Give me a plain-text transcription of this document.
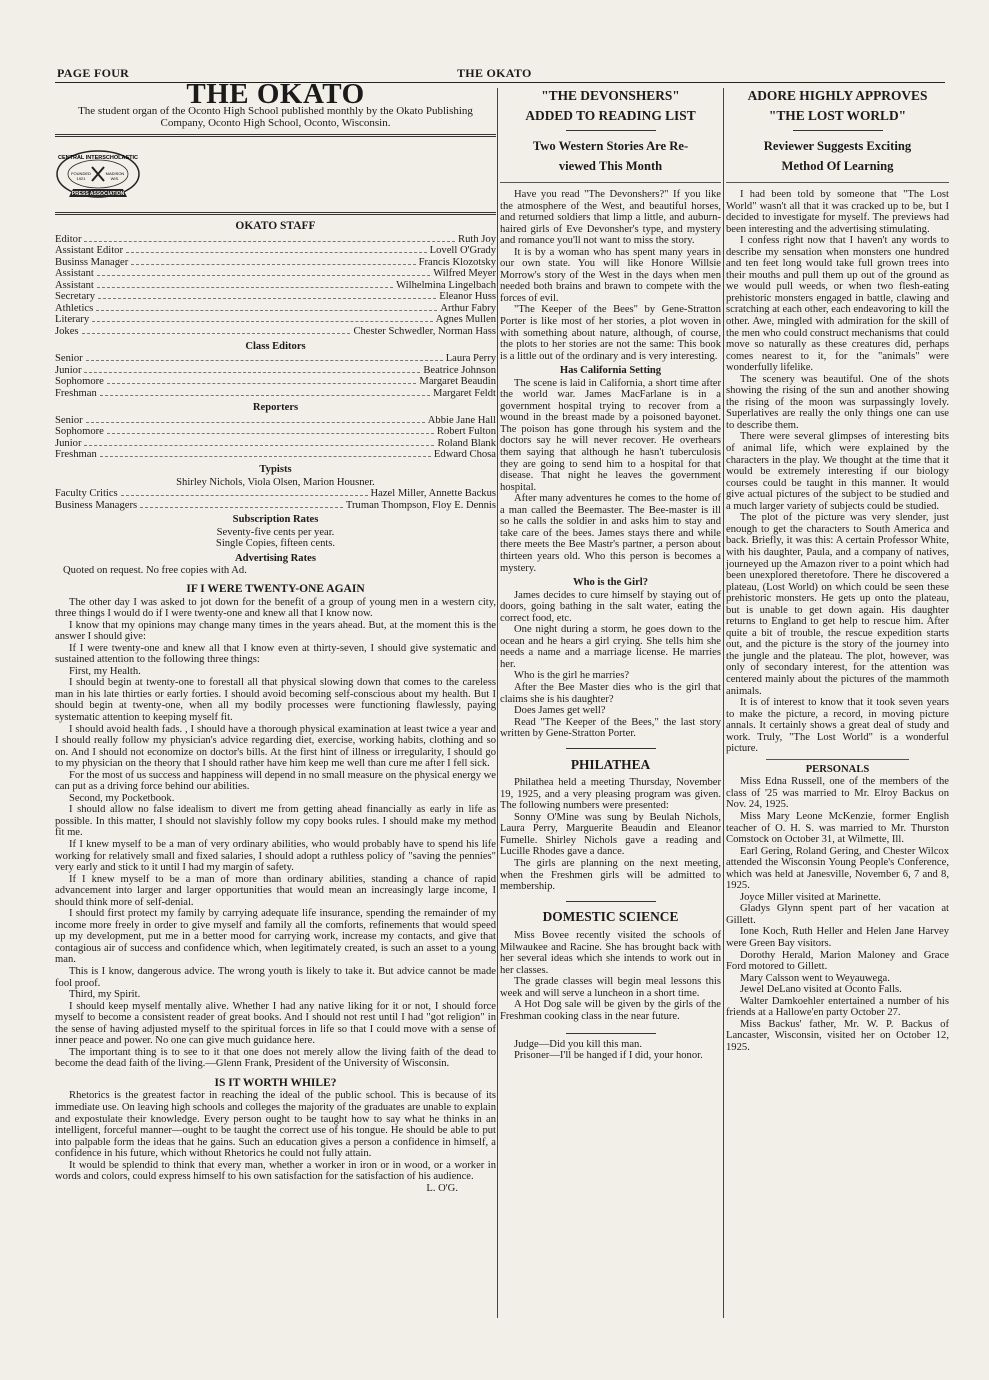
PAGE FOUR	THE OKATO
THE OKATO

The student organ of the Oconto High School published monthly by the Okato Publishing Company, Oconto High School, Oconto, Wisconsin.

CENTRAL INTERSCHOLASTIC
FOUNDED
1921
MADISON
WIS.
PRESS ASSOCIATION
OKATO STAFF
Editor	Ruth Joy
Assistant Editor	Lovell O'Grady
Businss Manager	Francis Klozotsky
Assistant	Wilfred Meyer
Assistant	Wilhelmina Lingelbach
Secretary	Eleanor Huss
Athletics	Arthur Fabry
Literary	Agnes Mullen
Jokes	Chester Schwedler, Norman Hass
Class Editors
Senior	Laura Perry
Junior	Beatrice Johnson
Sophomore	Margaret Beaudin
Freshman	Margaret Feldt
Reporters
Senior	Abbie Jane Hall
Sophomore	Robert Fulton
Junior	Roland Blank
Freshman	Edward Chosa
Typists
Shirley Nichols, Viola Olsen, Marion Housner.
Faculty Critics	Hazel Miller, Annette Backus
Business Managers	Truman Thompson, Floy E. Dennis
Subscription Rates
Seventy-five cents per year.
Single Copies, fifteen cents.
Advertising Rates
Quoted on request. No free copies with Ad.
IF I WERE TWENTY-ONE AGAIN

The other day I was asked to jot down for the benefit of a group of young men in a western city, three things I would do if I were twenty-one and knew all that I know now.

I know that my opinions may change many times in the years ahead. But, at the moment this is the answer I should give:

If I were twenty-one and knew all that I know even at thirty-seven, I should give systematic and sustained attention to the following three things:

First, my Health.

I should begin at twenty-one to forestall all that physical slowing down that comes to the careless man in his late thirties or early forties. I should avoid becoming self-conscious about my health. But I should begin at twenty-one, when all my bodily processes were functioning flawlessly, paying systematic attention to keeping myself fit.

I should avoid health fads. , I should have a thorough physical examination at least twice a year and I should really follow my physician's advice regarding diet, exercise, working habits, clothing and so on. And I should not economize on doctor's bills. At the first hint of illness or irregularity, I should go to my physician on the theory that I should rather have him keep me well than cure me after I fell sick.

For the most of us success and happiness will depend in no small measure on the physical energy we can put as a driving force behind our abilities.

Second, my Pocketbook.

I should allow no false idealism to divert me from getting ahead financially as early in life as possible. In this matter, I should not slavishly follow my copy books rules. I should make my method fit me.

If I knew myself to be a man of very ordinary abilities, who would probably have to spend his life working for relatively small and fixed salaries, I should adopt a ruthless policy of "saving the pennies" very early and stick to it until I had my margin of safety.

If I knew myself to be a man of more than ordinary abilities, standing a chance of rapid advancement into larger and larger opportunities that would mean an increasingly large income, I should think more of self-denial.

I should first protect my family by carrying adequate life insurance, spending the remainder of my income more freely in order to give myself and family all the comforts, refinements that would speed up my development, put me in a better mood for carrying work, increase my contacts, and give that contagious air of success and confidence which, when legitimately created, is such an asset to a young man.

This is I know, dangerous advice. The wrong youth is likely to take it. But advice cannot be made fool proof.

Third, my Spirit.

I should keep myself mentally alive. Whether I had any native liking for it or not, I should force myself to become a consistent reader of great books. And I should not rest until I had "got religion" in the sense of having adjusted myself to the spiritual forces in life so that I could move with a sense of inner peace and power. No one can give much guidance here.

The important thing is to see to it that one does not merely allow the living faith of the dead to become the dead faith of the living.—Glenn Frank, President of the University of Wisconsin.

IS IT WORTH WHILE?

Rhetorics is the greatest factor in reaching the ideal of the public school. This is because of its immediate use. On leaving high schools and colleges the majority of the graduates are unable to explain and expostulate their knowledge. Every person ought to be taught how to say what he thinks in an intelligent, forceful manner—ought to be taught the correct use of his tongue. He should be able to put into palpable form the ideas that he gains. Such an education gives a person a confidence in himself, a confidence in his future, which without Rhetorics he could not fully attain.

It would be splendid to think that every man, whether a worker in iron or in wood, or a worker in words and colors, could express himself to his own satisfaction for the satisfaction of his audience.

L. O'G.
"THE DEVONSHERS"
ADDED TO READING LIST
Two Western Stories Are Re-
viewed This Month

Have you read "The Devonshers?" If you like the atmosphere of the West, and beautiful horses, and returned soldiers that limp a little, and auburn-haired girls of Eve Devonsher's type, and mystery and romance you'll not want to miss the story.

It is by a woman who has spent many years in our own state. You will like Honore Willsie Morrow's story of the West in the days when men needed both brains and brawn to compete with the forces of evil.

"The Keeper of the Bees" by Gene-Stratton Porter is like most of her stories, a plot woven in with something about nature, although, of course, the plots to her stories are not the same: This book is a little out of the ordinary and is very interesting.

Has California Setting

The scene is laid in California, a short time after the world war. James MacFarlane is in a government hospital trying to recover from a wound in the breast made by a poisoned bayonet. The poison has gone through his system and the doctors say he will never recover. He overhears them saying that although he hasn't tuberculosis they are going to send him to a hospital for that disease. That night he leaves the government hospital.

After many adventures he comes to the home of a man called the Beemaster. The Bee-master is ill so he calls the soldier in and asks him to stay and take care of the bees. James stays there and while there meets the Bee Mastr's partner, a person about thirteen years old. Who this person is becomes a mystery.

Who is the Girl?

James decides to cure himself by staying out of doors, going bathing in the salt water, eating the correct food, etc.

One night during a storm, he goes down to the ocean and he hears a girl crying. She tells him she needs a name and a marriage license. He marries her.

Who is the girl he marries?

After the Bee Master dies who is the girl that claims she is his daughter?

Does James get well?

Read "The Keeper of the Bees," the last story written by Gene-Stratton Porter.

PHILATHEA

Philathea held a meeting Thursday, November 19, 1925, and a very pleasing program was given. The following numbers were presented:

Sonny O'Mine was sung by Beulah Nichols, Laura Perry, Marguerite Beaudin and Eleanor Fumelle. Shirley Nichols gave a reading and Lucille Rhodes gave a dance.

The girls are planning on the next meeting, when the Freshmen girls will be admitted to membership.

DOMESTIC SCIENCE

Miss Bovee recently visited the schools of Milwaukee and Racine. She has brought back with her several ideas which she intends to work out in her classes.

The grade classes will begin meal lessons this week and will serve a luncheon in a short time.

A Hot Dog sale will be given by the girls of the Freshman cooking class in the near future.

Judge—Did you kill this man.

Prisoner—I'll be hanged if I did, your honor.

ADORE HIGHLY APPROVES
"THE LOST WORLD"
Reviewer Suggests Exciting
Method Of Learning

I had been told by someone that "The Lost World" wasn't all that it was cracked up to be, but I decided to investigate for myself. The previews had been interesting and the advertising stimulating.

I confess right now that I haven't any words to describe my sensation when monsters one hundred and ten feet long would take full grown trees into their mouths and pull them up out of the ground as we would pull weeds, or when two flesh-eating prehistoric monsters engaged in battle, clawing and scratching at each other, each endeavoring to kill the other. Awe, mingled with admiration for the skill of the men who could construct mechanisms that could move so naturally as these creatures did, perhaps comes nearest to it, for the "animals" were wonderfully lifelike.

The scenery was beautiful. One of the shots showing the rising of the sun and another showing the rising of the moon was surpassingly lovely. Superlatives are really the only things one can use to describe them.

There were several glimpses of interesting bits of animal life, which were explained by the characters in the play. We thought at the time that it would be extremely interesting if our biology courses could be taught in this manner. It would give actual pictures of the subject to be studied and a much larger variety of subjects could be studied.

The plot of the picture was very slender, just enough to get the characters to South America and back. Briefly, it was this: A certain Professor White, with his daughter, Paula, and a company of natives, journeyed up the Amazon river to a point which had been unexplored theretofore. There he discovered a plateau, (Lost World) on which could be seen these prehistoric monsters. He gets up onto the plateau, but is unable to get down again. His daughter returns to England to get help to rescue him. After quite a bit of trouble, the rescue expedition starts out, and the picture is the story of the journey into the jungle and the plateau. The plot, however, was only of secondary interest, for the attention was centered mainly about the pictures of the mammoth animals.

It is of interest to know that it took seven years to make the picture, a record, in moving picture annals. It certainly shows a great deal of study and work. Truly, "The Lost World" is a wonderful picture.

PERSONALS

Miss Edna Russell, one of the members of the class of '25 was married to Mr. Elroy Backus on Nov. 24, 1925.

Miss Mary Leone McKenzie, former English teacher of O. H. S. was married to Mr. Thurston Comstock on October 31, at Wilmette, Ill.

Earl Gering, Roland Gering, and Chester Wilcox attended the Wisconsin Young People's Conference, which was held at Janesville, November 6, 7 and 8, 1925.

Joyce Miller visited at Marinette.

Gladys Glynn spent part of her vacation at Gillett.

Ione Koch, Ruth Heller and Helen Jane Harvey were Green Bay visitors.

Dorothy Herald, Marion Maloney and Grace Ford motored to Gillett.

Mary Calsson went to Weyauwega.

Jewel DeLano visited at Oconto Falls.

Walter Damkoehler entertained a number of his friends at a Hallowe'en party October 27.

Miss Backus' father, Mr. W. P. Backus of Lancaster, Wisconsin, visited her on October 12, 1925.
